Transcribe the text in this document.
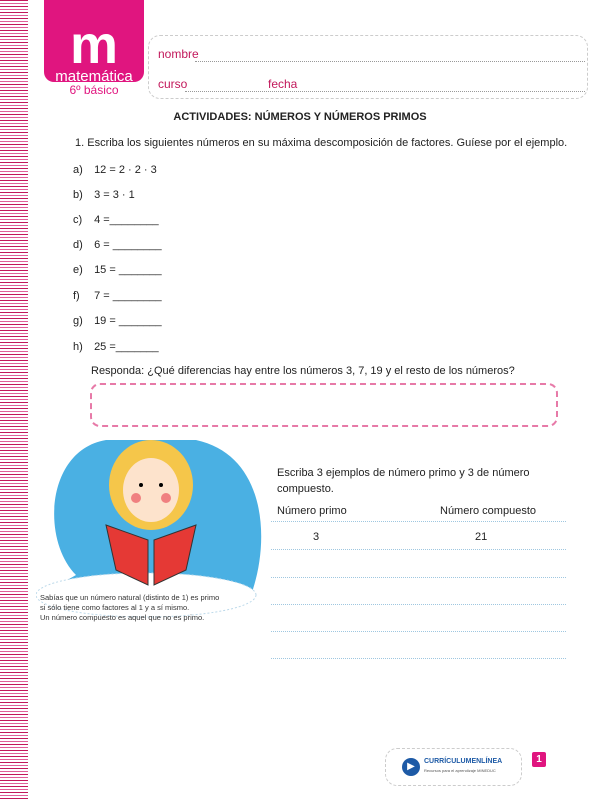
m
matemática
6º básico
nombre
curso	fecha
ACTIVIDADES: NÚMEROS Y NÚMEROS PRIMOS
1. Escriba los siguientes números en su máxima descomposición de factores. Guíese por el ejemplo.
a) 12 = 2 · 2 · 3
b) 3 = 3 · 1
c) 4 =________
d) 6 = ________
e) 15 = _______
f) 7 = ________
g) 19 = _______
h) 25 =_______
Responda: ¿Qué diferencias hay entre los números 3, 7, 19 y el resto de los números?
Sabías que un número natural (distinto de 1) es primo
si sólo tiene como factores al 1 y a sí mismo.
Un número compuesto es aquel que no es primo.
Escriba 3 ejemplos de número primo y 3 de número compuesto.
Número primo	Número compuesto
3	21
▶	CURRÍCULUMENLÍNEA
Recursos para el aprendizaje MINEDUC
1
